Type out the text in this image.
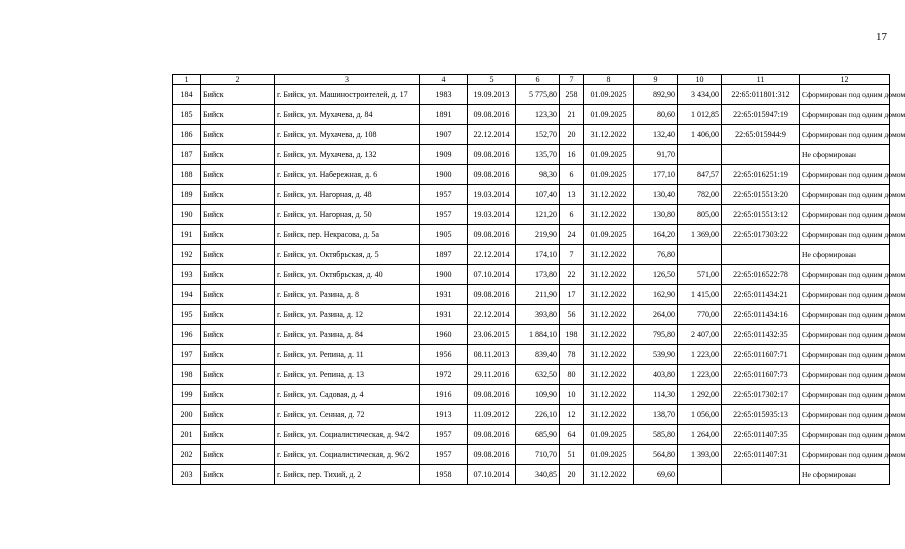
17
1	2	3	4	5	6	7	8	9	10	11	12
184	Бийск	г. Бийск, ул. Машиностроителей, д. 17	1983	19.09.2013	5 775,80	258	01.09.2025	892,90	3 434,00	22:65:011801:312	Сформирован под одним домом
185	Бийск	г. Бийск, ул. Мухачева, д. 84	1891	09.08.2016	123,30	21	01.09.2025	80,60	1 012,85	22:65:015947:19	Сформирован под одним домом
186	Бийск	г. Бийск, ул. Мухачева, д. 108	1907	22.12.2014	152,70	20	31.12.2022	132,40	1 406,00	22:65:015944:9	Сформирован под одним домом
187	Бийск	г. Бийск, ул. Мухачева, д. 132	1909	09.08.2016	135,70	16	01.09.2025	91,70			Не сформирован
188	Бийск	г. Бийск, ул. Набережная, д. 6	1900	09.08.2016	98,30	6	01.09.2025	177,10	847,57	22:65:016251:19	Сформирован под одним домом
189	Бийск	г. Бийск, ул. Нагорная, д. 48	1957	19.03.2014	107,40	13	31.12.2022	130,40	782,00	22:65:015513:20	Сформирован под одним домом
190	Бийск	г. Бийск, ул. Нагорная, д. 50	1957	19.03.2014	121,20	6	31.12.2022	130,80	805,00	22:65:015513:12	Сформирован под одним домом
191	Бийск	г. Бийск, пер. Некрасова, д. 5а	1905	09.08.2016	219,90	24	01.09.2025	164,20	1 369,00	22:65:017303:22	Сформирован под одним домом
192	Бийск	г. Бийск, ул. Октябрьская, д. 5	1897	22.12.2014	174,10	7	31.12.2022	76,80			Не сформирован
193	Бийск	г. Бийск, ул. Октябрьская, д. 40	1900	07.10.2014	173,80	22	31.12.2022	126,50	571,00	22:65:016522:78	Сформирован под одним домом
194	Бийск	г. Бийск, ул. Разина, д. 8	1931	09.08.2016	211,90	17	31.12.2022	162,90	1 415,00	22:65:011434:21	Сформирован под одним домом
195	Бийск	г. Бийск, ул. Разина, д. 12	1931	22.12.2014	393,80	56	31.12.2022	264,00	770,00	22:65:011434:16	Сформирован под одним домом
196	Бийск	г. Бийск, ул. Разина, д. 84	1960	23.06.2015	1 884,10	198	31.12.2022	795,80	2 407,00	22:65:011432:35	Сформирован под одним домом
197	Бийск	г. Бийск, ул. Репина, д. 11	1956	08.11.2013	839,40	78	31.12.2022	539,90	1 223,00	22:65:011607:71	Сформирован под одним домом
198	Бийск	г. Бийск, ул. Репина, д. 13	1972	29.11.2016	632,50	80	31.12.2022	403,80	1 223,00	22:65:011607:73	Сформирован под одним домом
199	Бийск	г. Бийск, ул. Садовая, д. 4	1916	09.08.2016	109,90	10	31.12.2022	114,30	1 292,00	22:65:017302:17	Сформирован под одним домом
200	Бийск	г. Бийск, ул. Сенная, д. 72	1913	11.09.2012	226,10	12	31.12.2022	138,70	1 056,00	22:65:015935:13	Сформирован под одним домом
201	Бийск	г. Бийск, ул. Социалистическая, д. 94/2	1957	09.08.2016	685,90	64	01.09.2025	585,80	1 264,00	22:65:011407:35	Сформирован под одним домом
202	Бийск	г. Бийск, ул. Социалистическая, д. 96/2	1957	09.08.2016	710,70	51	01.09.2025	564,80	1 393,00	22:65:011407:31	Сформирован под одним домом
203	Бийск	г. Бийск, пер. Тихий, д. 2	1958	07.10.2014	340,85	20	31.12.2022	69,60			Не сформирован
